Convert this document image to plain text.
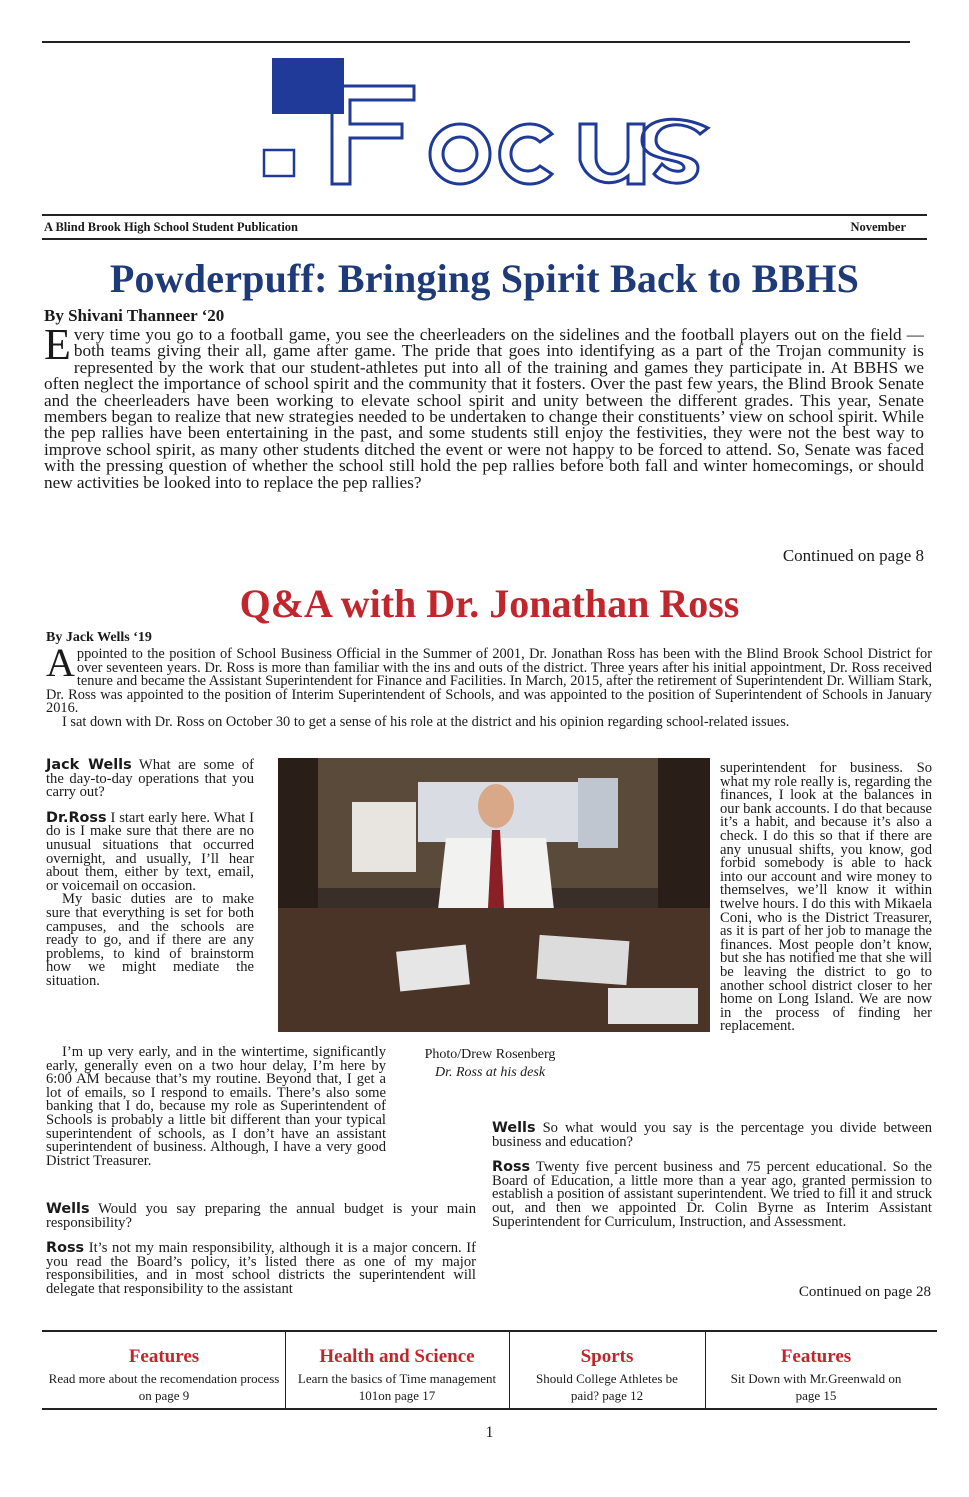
A Blind Brook High School Student Publication	November
Powderpuff: Bringing Spirit Back to BBHS
By Shivani Thanneer ‘20
Every time you go to a football game, you see the cheerleaders on the sidelines and the football players out on the field — both teams giving their all, game after game. The pride that goes into identifying as a part of the Trojan community is represented by the work that our student-athletes put into all of the training and games they participate in. At BBHS we often neglect the importance of school spirit and the community that it fosters. Over the past few years, the Blind Brook Senate and the cheerleaders have been working to elevate school spirit and unity between the different grades. This year, Senate members began to realize that new strategies needed to be undertaken to change their constituents’ view on school spirit. While the pep rallies have been entertaining in the past, and some students still enjoy the festivities, they were not the best way to improve school spirit, as many other students ditched the event or were not happy to be forced to attend. So, Senate was faced with the pressing question of whether the school still hold the pep rallies before both fall and winter homecomings, or should new activities be looked into to replace the pep rallies?
Continued on page 8
Q&A with Dr. Jonathan Ross
By Jack Wells ‘19

Appointed to the position of School Business Official in the Summer of 2001, Dr. Jonathan Ross has been with the Blind Brook School District for over seventeen years. Dr. Ross is more than familiar with the ins and outs of the district. Three years after his initial appointment, Dr. Ross received tenure and became the Assistant Superintendent for Finance and Facilities. In March, 2015, after the retirement of Superintendent Dr. William Stark, Dr. Ross was appointed to the position of Interim Superintendent of Schools, and was appointed to the position of Superintendent of Schools in January 2016.

I sat down with Dr. Ross on October 30 to get a sense of his role at the district and his opinion regarding school-related issues.

Jack Wells What are some of the day-to-day operations that you carry out?

Dr.Ross I start early here. What I do is I make sure that there are no unusual situations that occurred overnight, and usually, I’ll hear about them, either by text, email, or voicemail on occasion.

My basic duties are to make sure that everything is set for both campuses, and the schools are ready to go, and if there are any problems, to kind of brainstorm how we might mediate the situation.

Photo/Drew Rosenberg
Dr. Ross at his desk

I’m up very early, and in the wintertime, significantly early, generally even on a two hour delay, I’m here by 6:00 AM because that’s my routine. Beyond that, I get a lot of emails, so I respond to emails. There’s also some banking that I do, because my role as Superintendent of Schools is probably a little bit different than your typical superintendent of schools, as I don’t have an assistant superintendent of business. Although, I have a very good District Treasurer.

superintendent for business. So what my role really is, regarding the finances, I look at the balances in our bank accounts. I do that because it’s a habit, and because it’s also a check. I do this so that if there are any unusual shifts, you know, god forbid somebody is able to hack into our account and wire money to themselves, we’ll know it within twelve hours. I do this with Mikaela Coni, who is the District Treasurer, as it is part of her job to manage the finances. Most people don’t know, but she has notified me that she will be leaving the district to go to another school district closer to her home on Long Island. We are now in the process of finding her replacement.

Wells So what would you say is the percentage you divide between business and education?

Ross Twenty five percent business and 75 percent educational. So the Board of Education, a little more than a year ago, granted permission to establish a position of assistant superintendent. We tried to fill it and struck out, and then we appointed Dr. Colin Byrne as Interim Assistant Superintendent for Curriculum, Instruction, and Assessment.

Wells Would you say preparing the annual budget is your main responsibility?

Ross It’s not my main responsibility, although it is a major concern. If you read the Board’s policy, it’s listed there as one of my major responsibilities, and in most school districts the superintendent will delegate that responsibility to the assistant	Continued on page 28
Features
Read more about the recomendation process on page 9
Health and Science
Learn the basics of Time management 101on page 17
Sports
Should College Athletes be paid? page 12
Features
Sit Down with Mr.Greenwald on page 15
1
